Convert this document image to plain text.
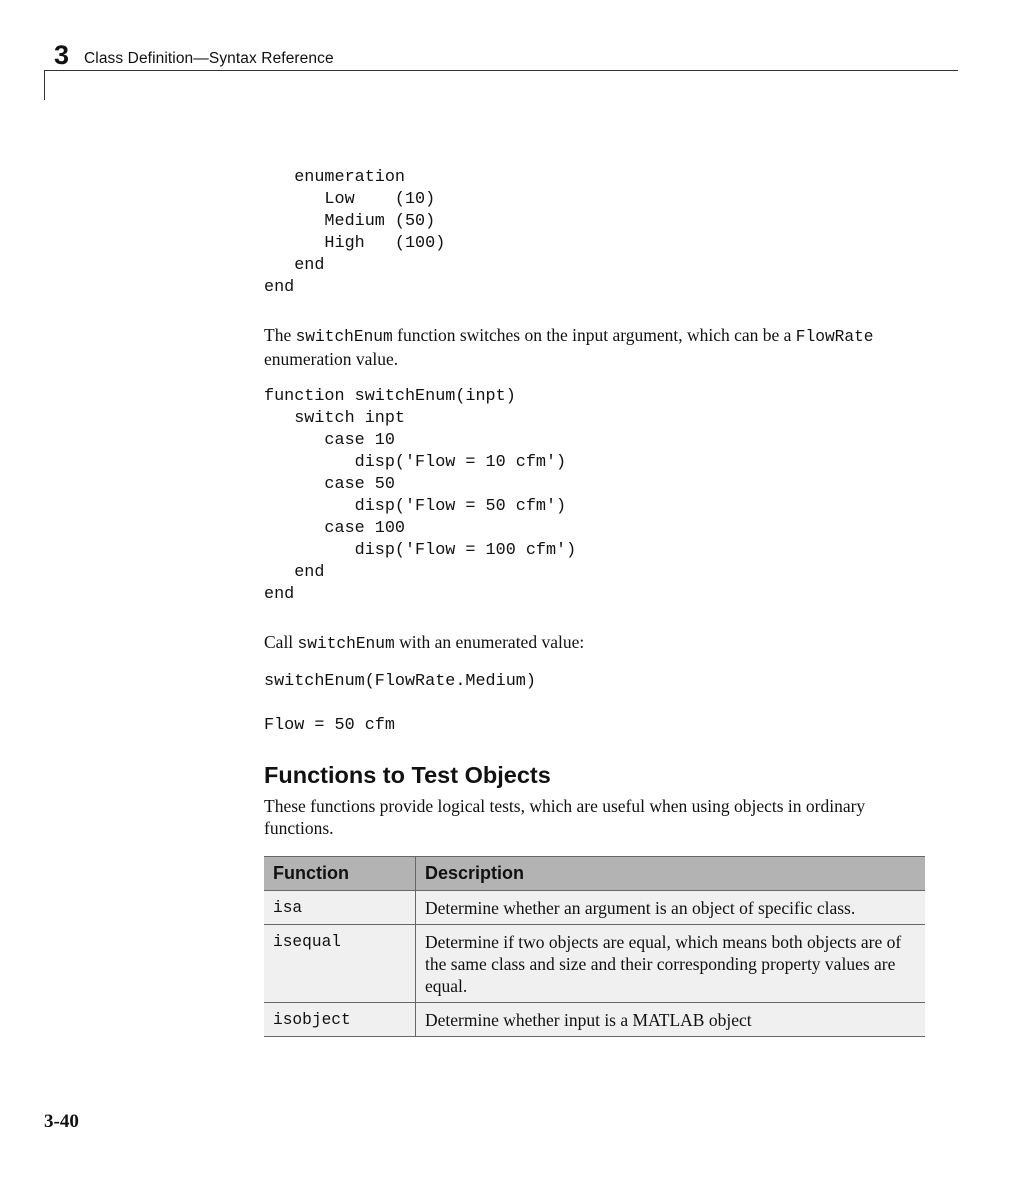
3 Class Definition—Syntax Reference
enumeration
Low    (10)
Medium (50)
High   (100)
end
end

The switchEnum function switches on the input argument, which can be a FlowRate enumeration value.

function switchEnum(inpt)
switch inpt
case 10
disp('Flow = 10 cfm')
case 50
disp('Flow = 50 cfm')
case 100
disp('Flow = 100 cfm')
end
end

Call switchEnum with an enumerated value:

switchEnum(FlowRate.Medium)
Flow = 50 cfm
Functions to Test Objects

These functions provide logical tests, which are useful when using objects in ordinary functions.

Function	Description
isa	Determine whether an argument is an object of specific class.
isequal	Determine if two objects are equal, which means both objects are of the same class and size and their corresponding property values are equal.
isobject	Determine whether input is a MATLAB object
3-40
